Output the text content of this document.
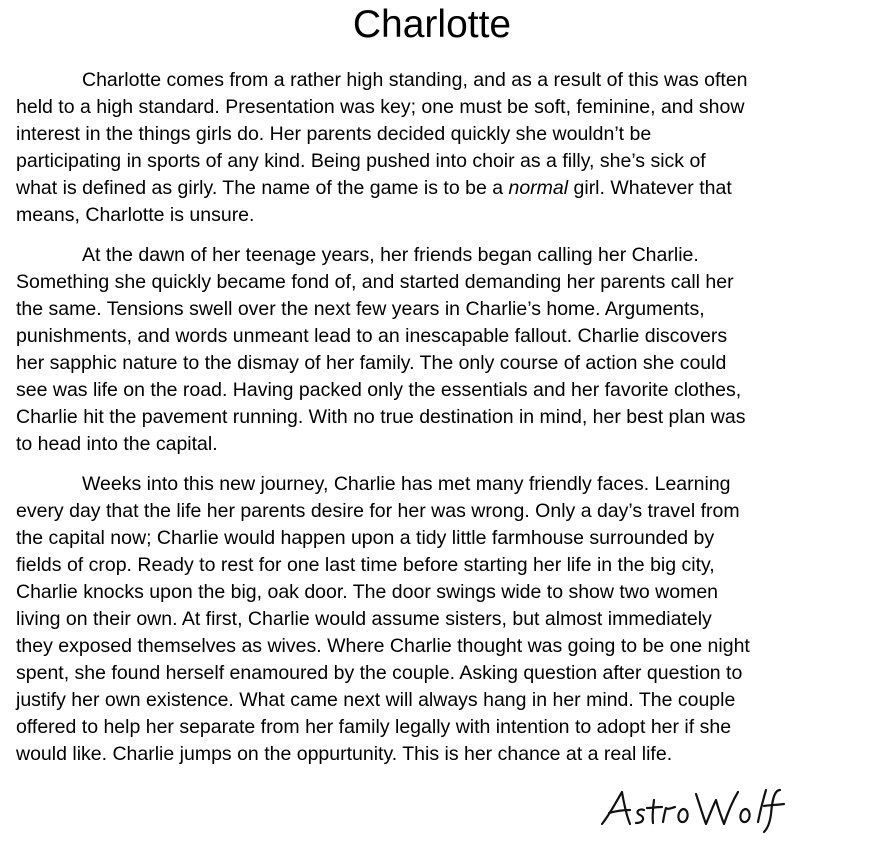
Charlotte

Charlotte comes from a rather high standing, and as a result of this was often
held to a high standard. Presentation was key; one must be soft, feminine, and show
interest in the things girls do. Her parents decided quickly she wouldn’t be
participating in sports of any kind. Being pushed into choir as a filly, she’s sick of
what is defined as girly. The name of the game is to be a normal girl. Whatever that
means, Charlotte is unsure.

At the dawn of her teenage years, her friends began calling her Charlie.
Something she quickly became fond of, and started demanding her parents call her
the same. Tensions swell over the next few years in Charlie’s home. Arguments,
punishments, and words unmeant lead to an inescapable fallout. Charlie discovers
her sapphic nature to the dismay of her family. The only course of action she could
see was life on the road. Having packed only the essentials and her favorite clothes,
Charlie hit the pavement running. With no true destination in mind, her best plan was
to head into the capital.

Weeks into this new journey, Charlie has met many friendly faces. Learning
every day that the life her parents desire for her was wrong. Only a day’s travel from
the capital now; Charlie would happen upon a tidy little farmhouse surrounded by
fields of crop. Ready to rest for one last time before starting her life in the big city,
Charlie knocks upon the big, oak door. The door swings wide to show two women
living on their own. At first, Charlie would assume sisters, but almost immediately
they exposed themselves as wives. Where Charlie thought was going to be one night
spent, she found herself enamoured by the couple. Asking question after question to
justify her own existence. What came next will always hang in her mind. The couple
offered to help her separate from her family legally with intention to adopt her if she
would like. Charlie jumps on the oppurtunity. This is her chance at a real life.
